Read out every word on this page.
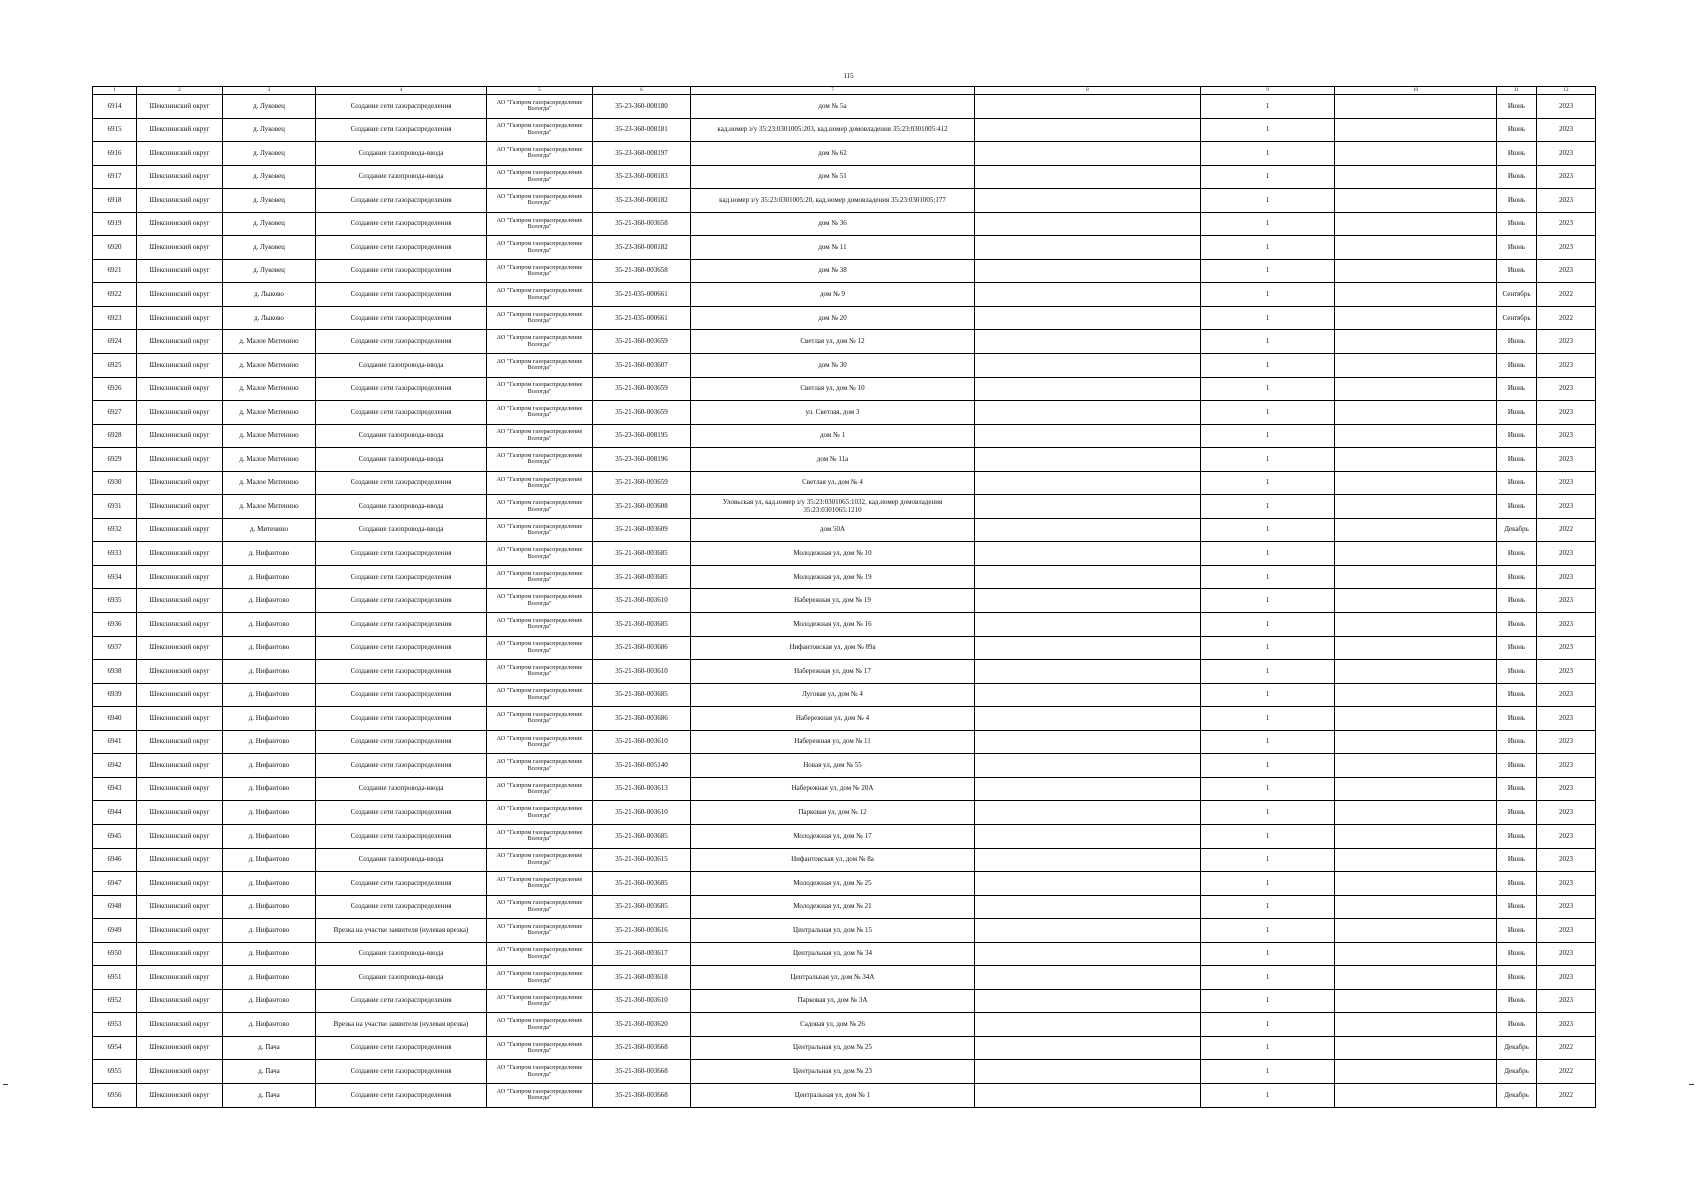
115
1	2	3	4	5	6	7	8	9	10	11	12
6914	Шекснинский округ	д. Луковец	Создание сети газораспределения	АО "Газпром газораспределение Вологда"	35-23-360-008180	дом № 5а		1		Июнь	2023
6915	Шекснинский округ	д. Луковец	Создание сети газораспределения	АО "Газпром газораспределение Вологда"	35-23-360-008181	кад.номер з/у 35:23:0301005:203, кад.номер домовладения 35:23:0301005:412		1		Июнь	2023
6916	Шекснинский округ	д. Луковец	Создание газопровода-ввода	АО "Газпром газораспределение Вологда"	35-23-360-008197	дом № 62		1		Июнь	2023
6917	Шекснинский округ	д. Луковец	Создание газопровода-ввода	АО "Газпром газораспределение Вологда"	35-23-360-008183	дом № 51		1		Июнь	2023
6918	Шекснинский округ	д. Луковец	Создание сети газораспределения	АО "Газпром газораспределение Вологда"	35-23-360-008182	кад.номер з/у 35:23:0301005:20, кад.номер домовладения 35:23:0301005:177		1		Июнь	2023
6919	Шекснинский округ	д. Луковец	Создание сети газораспределения	АО "Газпром газораспределение Вологда"	35-21-360-003658	дом № 36		1		Июнь	2023
6920	Шекснинский округ	д. Луковец	Создание сети газораспределения	АО "Газпром газораспределение Вологда"	35-23-360-008182	дом № 11		1		Июнь	2023
6921	Шекснинский округ	д. Луковец	Создание сети газораспределения	АО "Газпром газораспределение Вологда"	35-21-360-003658	дом № 38		1		Июнь	2023
6922	Шекснинский округ	д. Лыково	Создание сети газораспределения	АО "Газпром газораспределение Вологда"	35-21-035-000661	дом № 9		1		Сентябрь	2022
6923	Шекснинский округ	д. Лыково	Создание сети газораспределения	АО "Газпром газораспределение Вологда"	35-21-035-000661	дом № 20		1		Сентябрь	2022
6924	Шекснинский округ	д. Малое Митенино	Создание сети газораспределения	АО "Газпром газораспределение Вологда"	35-21-360-003659	Светлая ул, дом № 12		1		Июнь	2023
6925	Шекснинский округ	д. Малое Митенино	Создание газопровода-ввода	АО "Газпром газораспределение Вологда"	35-21-360-003607	дом № 30		1		Июнь	2023
6926	Шекснинский округ	д. Малое Митенино	Создание сети газораспределения	АО "Газпром газораспределение Вологда"	35-21-360-003659	Светлая ул, дом № 10		1		Июнь	2023
6927	Шекснинский округ	д. Малое Митенино	Создание сети газораспределения	АО "Газпром газораспределение Вологда"	35-21-360-003659	ул. Светлая, дом 3		1		Июнь	2023
6928	Шекснинский округ	д. Малое Митенино	Создание газопровода-ввода	АО "Газпром газораспределение Вологда"	35-23-360-008195	дом № 1		1		Июнь	2023
6929	Шекснинский округ	д. Малое Митенино	Создание газопровода-ввода	АО "Газпром газораспределение Вологда"	35-23-360-008196	дом № 11а		1		Июнь	2023
6930	Шекснинский округ	д. Малое Митенино	Создание сети газораспределения	АО "Газпром газораспределение Вологда"	35-21-360-003659	Светлая ул, дом № 4		1		Июнь	2023
6931	Шекснинский округ	д. Малое Митенино	Создание газопровода-ввода	АО "Газпром газораспределение Вологда"	35-21-360-003608	Уловьская ул, кад.номер з/у 35:23:0301065:1032, кад.номер домовладения 35:23:0301065:1210		1		Июнь	2023
6932	Шекснинский округ	д. Митенино	Создание газопровода-ввода	АО "Газпром газораспределение Вологда"	35-21-360-003609	дом 50А		1		Декабрь	2022
6933	Шекснинский округ	д. Нифантово	Создание сети газораспределения	АО "Газпром газораспределение Вологда"	35-21-360-003685	Молодежная ул, дом № 10		1		Июнь	2023
6934	Шекснинский округ	д. Нифантово	Создание сети газораспределения	АО "Газпром газораспределение Вологда"	35-21-360-003685	Молодежная ул, дом № 19		1		Июнь	2023
6935	Шекснинский округ	д. Нифантово	Создание сети газораспределения	АО "Газпром газораспределение Вологда"	35-21-360-003610	Набережная ул, дом № 19		1		Июнь	2023
6936	Шекснинский округ	д. Нифантово	Создание сети газораспределения	АО "Газпром газораспределение Вологда"	35-21-360-003685	Молодежная ул, дом № 16		1		Июнь	2023
6937	Шекснинский округ	д. Нифантово	Создание сети газораспределения	АО "Газпром газораспределение Вологда"	35-21-360-003686	Нифантовская ул, дом № 89а		1		Июнь	2023
6938	Шекснинский округ	д. Нифантово	Создание сети газораспределения	АО "Газпром газораспределение Вологда"	35-21-360-003610	Набережная ул, дом № 17		1		Июнь	2023
6939	Шекснинский округ	д. Нифантово	Создание сети газораспределения	АО "Газпром газораспределение Вологда"	35-21-360-003685	Луговая ул, дом № 4		1		Июнь	2023
6940	Шекснинский округ	д. Нифантово	Создание сети газораспределения	АО "Газпром газораспределение Вологда"	35-21-360-003686	Набережная ул, дом № 4		1		Июнь	2023
6941	Шекснинский округ	д. Нифантово	Создание сети газораспределения	АО "Газпром газораспределение Вологда"	35-21-360-003610	Набережная ул, дом № 11		1		Июнь	2023
6942	Шекснинский округ	д. Нифантово	Создание сети газораспределения	АО "Газпром газораспределение Вологда"	35-21-360-005140	Новая ул, дом № 55		1		Июнь	2023
6943	Шекснинский округ	д. Нифантово	Создание газопровода-ввода	АО "Газпром газораспределение Вологда"	35-21-360-003613	Набережная ул, дом № 20А		1		Июнь	2023
6944	Шекснинский округ	д. Нифантово	Создание сети газораспределения	АО "Газпром газораспределение Вологда"	35-21-360-003610	Парковая ул, дом № 12		1		Июнь	2023
6945	Шекснинский округ	д. Нифантово	Создание сети газораспределения	АО "Газпром газораспределение Вологда"	35-21-360-003685	Молодежная ул, дом № 17		1		Июнь	2023
6946	Шекснинский округ	д. Нифантово	Создание газопровода-ввода	АО "Газпром газораспределение Вологда"	35-21-360-003615	Нифантовская ул, дом № 8а		1		Июнь	2023
6947	Шекснинский округ	д. Нифантово	Создание сети газораспределения	АО "Газпром газораспределение Вологда"	35-21-360-003685	Молодежная ул, дом № 25		1		Июнь	2023
6948	Шекснинский округ	д. Нифантово	Создание сети газораспределения	АО "Газпром газораспределение Вологда"	35-21-360-003685	Молодежная ул, дом № 21		1		Июнь	2023
6949	Шекснинский округ	д. Нифантово	Врезка на участке заявителя (нулевая врезка)	АО "Газпром газораспределение Вологда"	35-21-360-003616	Центральная ул, дом № 15		1		Июнь	2023
6950	Шекснинский округ	д. Нифантово	Создание газопровода-ввода	АО "Газпром газораспределение Вологда"	35-21-360-003617	Центральная ул, дом № 34		1		Июнь	2023
6951	Шекснинский округ	д. Нифантово	Создание газопровода-ввода	АО "Газпром газораспределение Вологда"	35-21-360-003618	Центральная ул, дом № 34А		1		Июнь	2023
6952	Шекснинский округ	д. Нифантово	Создание сети газораспределения	АО "Газпром газораспределение Вологда"	35-21-360-003610	Парковая ул, дом № 3А		1		Июнь	2023
6953	Шекснинский округ	д. Нифантово	Врезка на участке заявителя (нулевая врезка)	АО "Газпром газораспределение Вологда"	35-21-360-003620	Садовая ул, дом № 26		1		Июнь	2023
6954	Шекснинский округ	д. Пача	Создание сети газораспределения	АО "Газпром газораспределение Вологда"	35-21-360-003668	Центральная ул, дом № 25		1		Декабрь	2022
6955	Шекснинский округ	д. Пача	Создание сети газораспределения	АО "Газпром газораспределение Вологда"	35-21-360-003668	Центральная ул, дом № 23		1		Декабрь	2022
6956	Шекснинский округ	д. Пача	Создание сети газораспределения	АО "Газпром газораспределение Вологда"	35-21-360-003668	Центральная ул, дом № 1		1		Декабрь	2022
